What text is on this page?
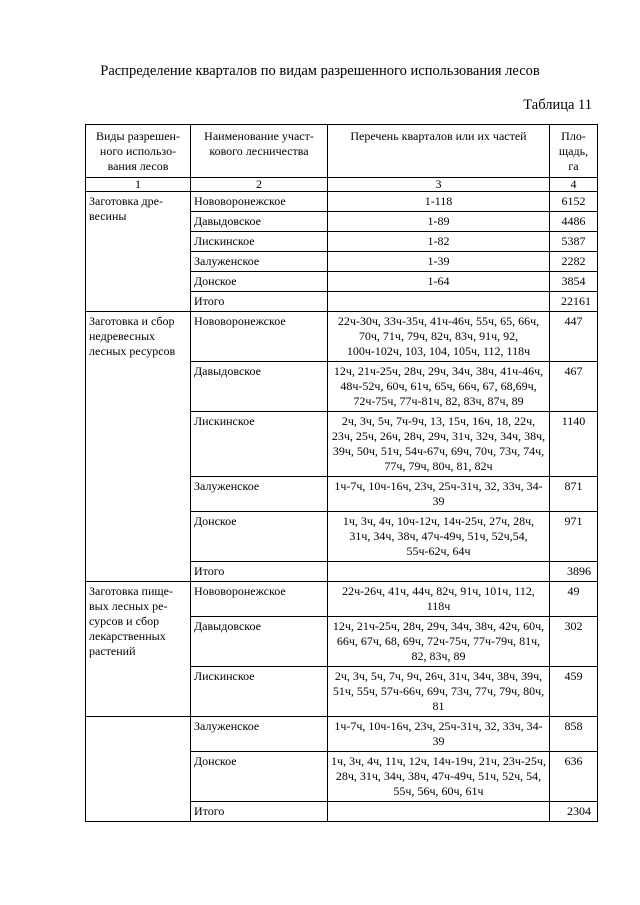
Распределение кварталов по видам разрешенного использования лесов
Таблица 11
Виды разрешен-ного использо-вания лесов	Наименование участ-кового лесничества	Перечень кварталов или их частей	Пло-щадь, га
1	2	3	4
Заготовка дре-весины	Нововоронежское	1-118	6152
	Давыдовское	1-89	4486
	Лискинское	1-82	5387
	Залуженское	1-39	2282
	Донское	1-64	3854
	Итого		22161
Заготовка и сбор недревесных лесных ресурсов	Нововоронежское	22ч-30ч, 33ч-35ч, 41ч-46ч, 55ч, 65, 66ч, 70ч, 71ч, 79ч, 82ч, 83ч, 91ч, 92, 100ч-102ч, 103, 104, 105ч, 112, 118ч	447
	Давыдовское	12ч, 21ч-25ч, 28ч, 29ч, 34ч, 38ч, 41ч-46ч, 48ч-52ч, 60ч, 61ч, 65ч, 66ч, 67, 68,69ч, 72ч-75ч, 77ч-81ч, 82, 83ч, 87ч, 89	467
	Лискинское	2ч, 3ч, 5ч, 7ч-9ч, 13, 15ч, 16ч, 18, 22ч, 23ч, 25ч, 26ч, 28ч, 29ч, 31ч, 32ч, 34ч, 38ч, 39ч, 50ч, 51ч, 54ч-67ч, 69ч, 70ч, 73ч, 74ч, 77ч, 79ч, 80ч, 81, 82ч	1140
	Залуженское	1ч-7ч, 10ч-16ч, 23ч, 25ч-31ч, 32, 33ч, 34-39	871
	Донское	1ч, 3ч, 4ч, 10ч-12ч, 14ч-25ч, 27ч, 28ч, 31ч, 34ч, 38ч, 47ч-49ч, 51ч, 52ч,54, 55ч-62ч, 64ч	971
	Итого		3896
Заготовка пище-вых лесных ре-сурсов и сбор лекарственных растений	Нововоронежское	22ч-26ч, 41ч, 44ч, 82ч, 91ч, 101ч, 112, 118ч	49
	Давыдовское	12ч, 21ч-25ч, 28ч, 29ч, 34ч, 38ч, 42ч, 60ч, 66ч, 67ч, 68, 69ч, 72ч-75ч, 77ч-79ч, 81ч, 82, 83ч, 89	302
	Лискинское	2ч, 3ч, 5ч, 7ч, 9ч, 26ч, 31ч, 34ч, 38ч, 39ч, 51ч, 55ч, 57ч-66ч, 69ч, 73ч, 77ч, 79ч, 80ч, 81	459
	Залуженское	1ч-7ч, 10ч-16ч, 23ч, 25ч-31ч, 32, 33ч, 34-39	858
	Донское	1ч, 3ч, 4ч, 11ч, 12ч, 14ч-19ч, 21ч, 23ч-25ч, 28ч, 31ч, 34ч, 38ч, 47ч-49ч, 51ч, 52ч, 54, 55ч, 56ч, 60ч, 61ч	636
	Итого		2304
